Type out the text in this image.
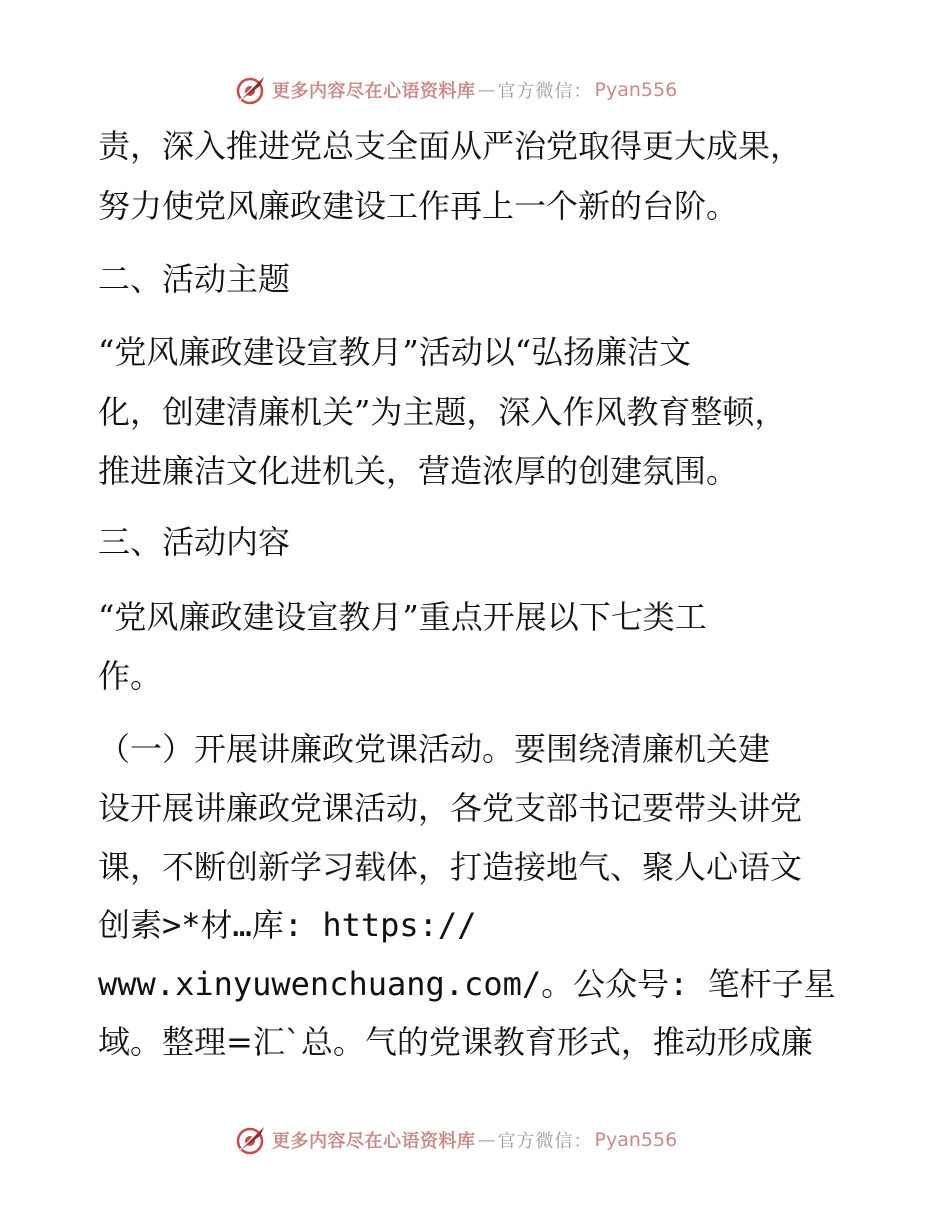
更多内容尽在心语资料库 — 官方微信： Pyan556

责，深入推进党总支全面从严治党取得更大成果，

努力使党风廉政建设工作再上一个新的台阶。

二、活动主题

“党风廉政建设宣教月”活动以“弘扬廉洁文

化，创建清廉机关”为主题，深入作风教育整顿，

推进廉洁文化进机关，营造浓厚的创建氛围。

三、活动内容

“党风廉政建设宣教月”重点开展以下七类工

作。

（一）开展讲廉政党课活动。要围绕清廉机关建

设开展讲廉政党课活动，各党支部书记要带头讲党

课，不断创新学习载体，打造接地气、聚人心语文

创素>*材…库: https://

www.xinyuwenchuang.com/。公众号: 笔杆子星

域。整理=汇`总。气的党课教育形式，推动形成廉

更多内容尽在心语资料库 — 官方微信： Pyan556
